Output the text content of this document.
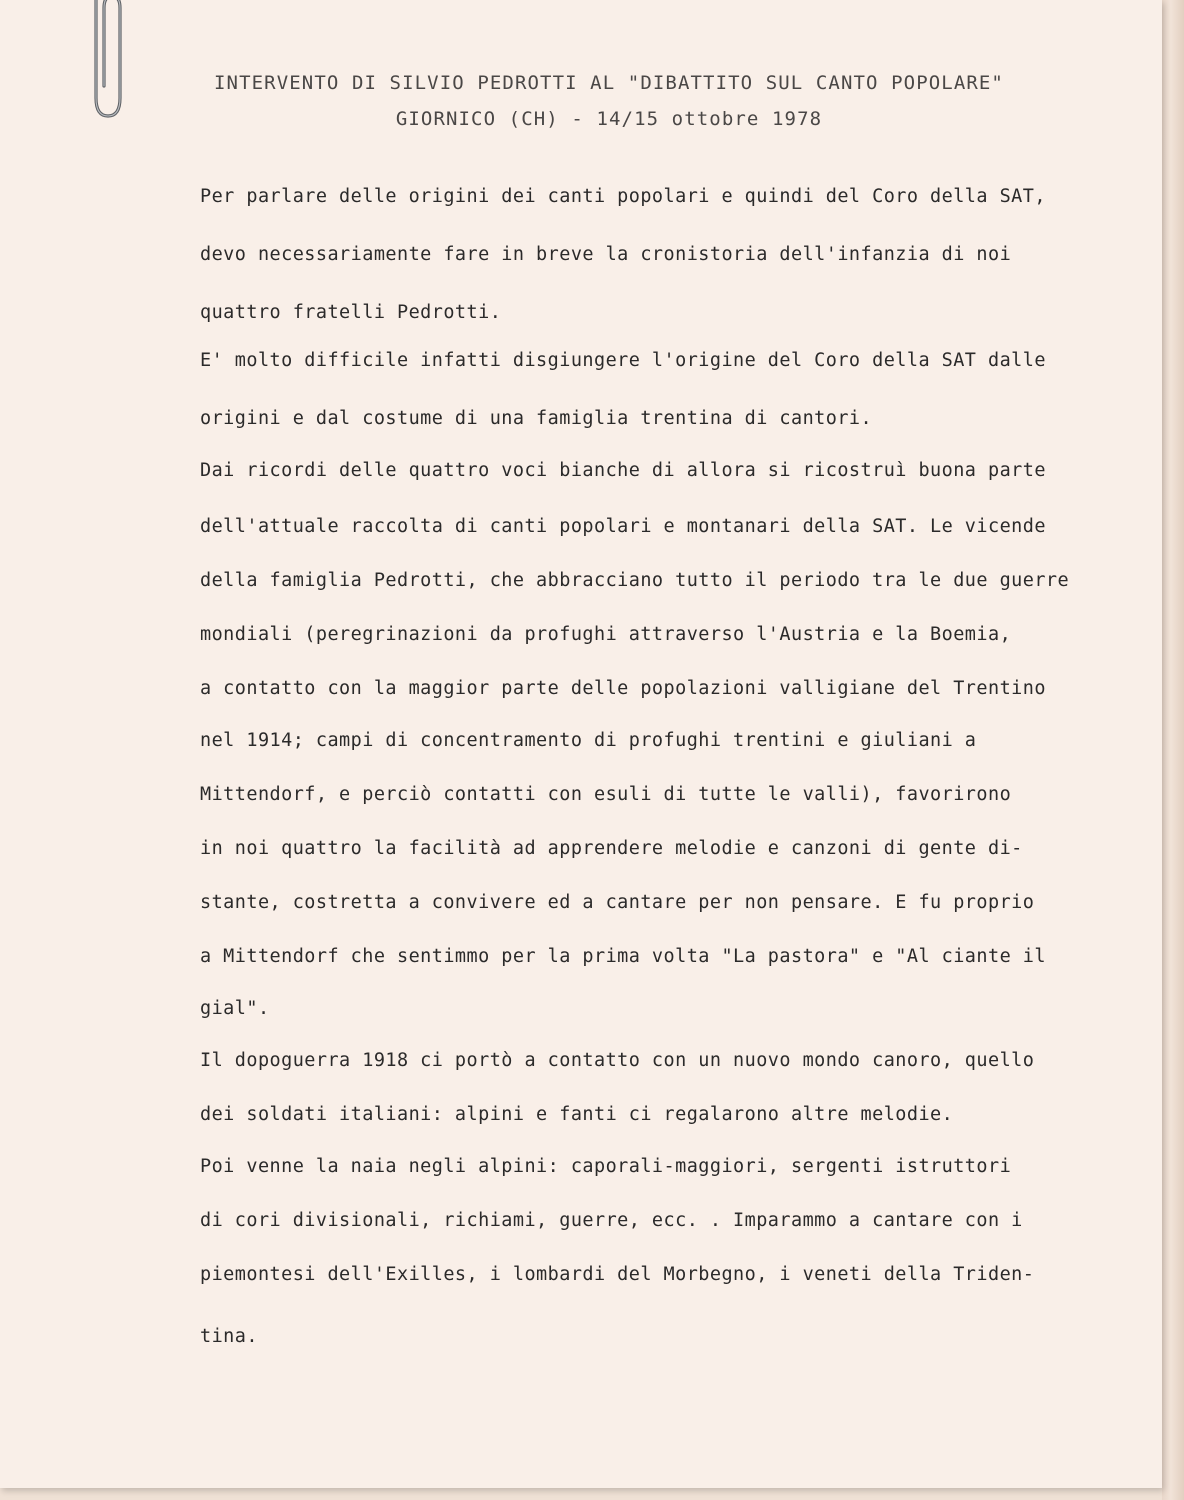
INTERVENTO DI SILVIO PEDROTTI AL "DIBATTITO SUL CANTO POPOLARE"
GIORNICO (CH) - 14/15 ottobre 1978
Per parlare delle origini dei canti popolari e quindi del Coro della SAT,
devo necessariamente fare in breve la cronistoria dell'infanzia di noi
quattro fratelli Pedrotti.
E' molto difficile infatti disgiungere l'origine del Coro della SAT dalle
origini e dal costume di una famiglia trentina di cantori.
Dai ricordi delle quattro voci bianche di allora si ricostruì buona parte
dell'attuale raccolta di canti popolari e montanari della SAT. Le vicende
della famiglia Pedrotti, che abbracciano tutto il periodo tra le due guerre
mondiali (peregrinazioni da profughi attraverso l'Austria e la Boemia,
a contatto con la maggior parte delle popolazioni valligiane del Trentino
nel 1914; campi di concentramento di profughi trentini e giuliani a
Mittendorf, e perciò contatti con esuli di tutte le valli), favorirono
in noi quattro la facilità ad apprendere melodie e canzoni di gente di-
stante, costretta a convivere ed a cantare per non pensare. E fu proprio
a Mittendorf che sentimmo per la prima volta "La pastora" e "Al ciante il
gial".
Il dopoguerra 1918 ci portò a contatto con un nuovo mondo canoro, quello
dei soldati italiani: alpini e fanti ci regalarono altre melodie.
Poi venne la naia negli alpini: caporali-maggiori, sergenti istruttori
di cori divisionali, richiami, guerre, ecc. . Imparammo a cantare con i
piemontesi dell'Exilles, i lombardi del Morbegno, i veneti della Triden-
tina.
